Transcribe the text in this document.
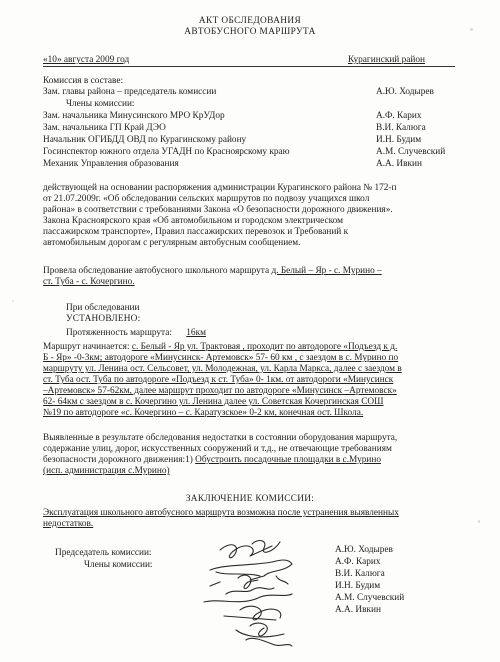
АКТ ОБСЛЕДОВАНИЯ
АВТОБУСНОГО МАРШРУТА
«10» августа 2009 год	Курагинский район
Комиссия в составе:
Зам. главы района – председатель комиссии	А.Ю. Ходырев
Члены комиссии:
Зам. начальника Минусинского МРО КрУДор	А.Ф. Карих
Зам. начальника ГП Край ДЭО	В.И. Калюга
Начальник ОГИБДД ОВД по Курагинскому району	И.Н. Будим
Госинспектор южного отдела УГАДН по Красноярскому краю	А.М. Случевский
Механик Управления образования	А.А. Ивкин
действующей на основании распоряжения администрации Курагинского района № 172-п
от 21.07.2009г. «Об обследовании сельских маршрутов по подвозу учащихся школ
района» в соответствии с требованиями Закона «О безопасности дорожного движения».
Закона Красноярского края «Об автомобильном и городском электрическом
пассажирском транспорте», Правил пассажирских перевозок и Требований к
автомобильным дорогам с регулярным автобусным сообщением.
Провела обследование автобусного школьного маршрута д. Белый – Яр - с. Мурино –
ст. Туба - с. Кочергино.
При обследовании
УСТАНОВЛЕНО:
Протяженность маршрута: 16км
Маршрут начинается: с. Белый - Яр ул. Трактовая , проходит по автодороге «Подъезд к д.
Б - Яр» -0-3км; автодороге «Минусинск- Артемовск» 57- 60 км , с заездом в с. Мурино по
маршруту ул. Ленина ост. Сельсовет, ул. Молодежная, ул. Карла Маркса, далее с заездом в
ст. Туба ост. Туба по автодороге «Подъезд к ст. Туба» 0- 1км. от автодороги «Минусинск
–Артемовск» 57-62км, далее маршрут проходит по автодороге «Минусинск –Артемовск»
62- 64км с заездом в с. Кочергино ул. Ленина далее ул. Советская Кочергинская СОШ
№19 по автодороге «с. Кочергино – с. Каратузское» 0-2 км, конечная ост. Школа.
Выявленные в результате обследования недостатки в состоянии оборудования маршрута,
содержание улиц, дорог, искусственных сооружений и т.д., не отвечающие требованиям
безопасности дорожного движения:1) Обустроить посадочные площадки в с.Мурино
(исп. администрация с.Мурино)
ЗАКЛЮЧЕНИЕ КОМИССИИ:
Эксплуатация школьного автобусного маршрута возможна после устранения выявленных
недостатков.
Председатель комиссии:
Члены комиссии:
А.Ю. Ходырев
А.Ф. Карих
В.И. Калюга
И.Н. Будим
А.М. Случевский
А.А. Ивкин
